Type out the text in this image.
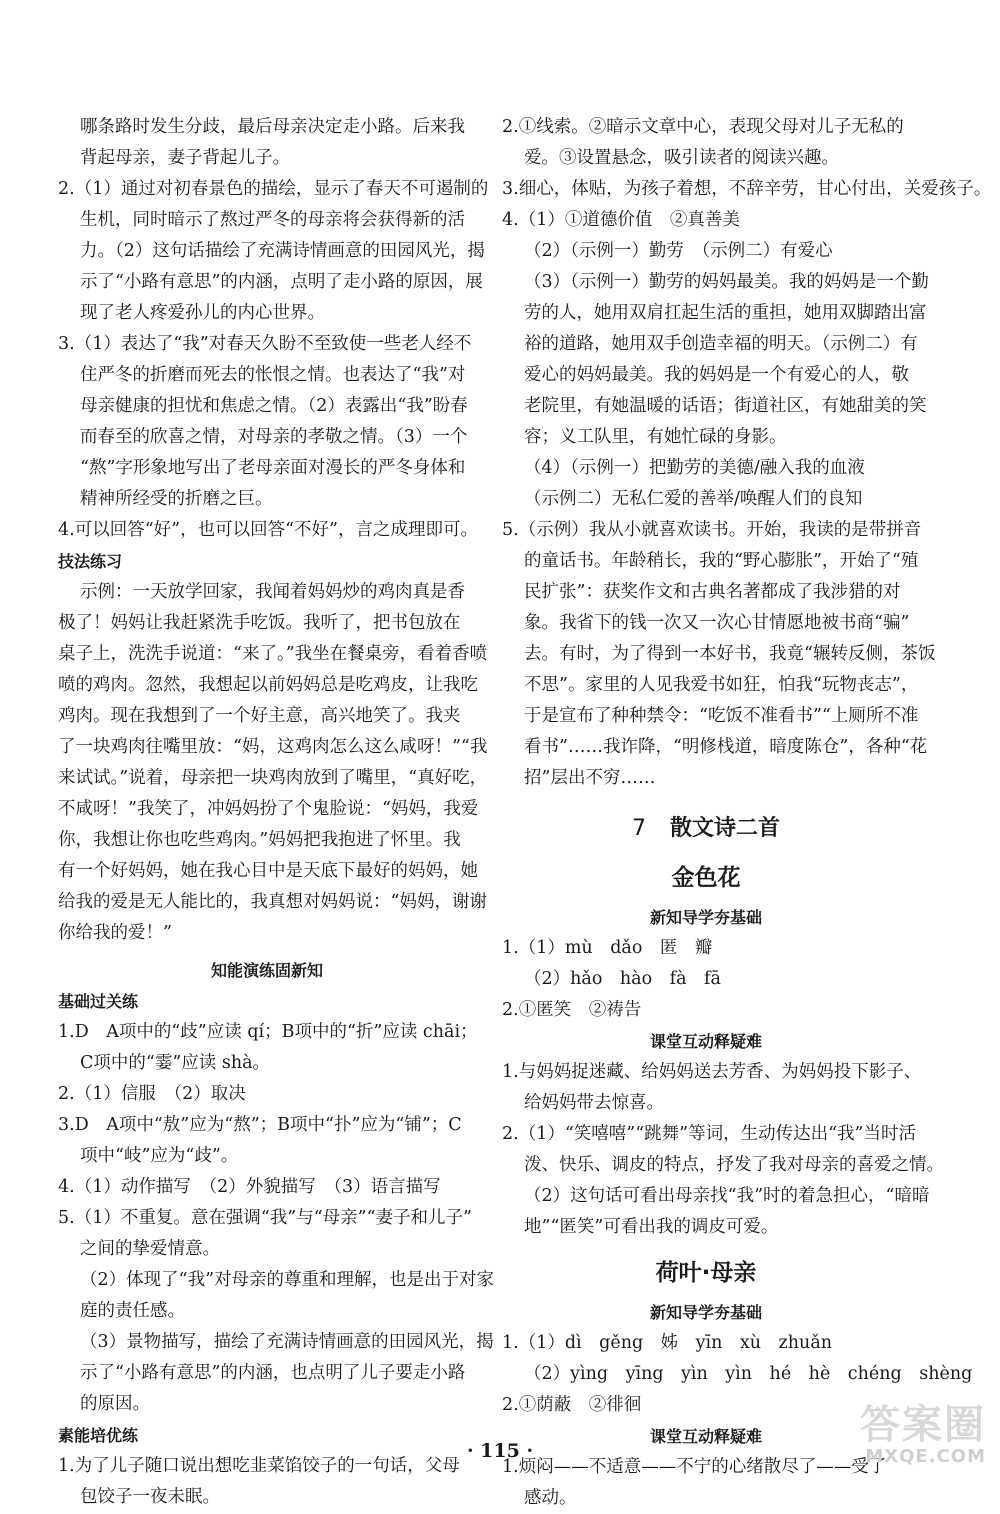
哪条路时发生分歧，最后母亲决定走小路。后来我
背起母亲，妻子背起儿子。
2.（1）通过对初春景色的描绘，显示了春天不可遏制的
生机，同时暗示了熬过严冬的母亲将会获得新的活
力。（2）这句话描绘了充满诗情画意的田园风光，揭
示了“小路有意思”的内涵，点明了走小路的原因，展
现了老人疼爱孙儿的内心世界。
3.（1）表达了“我”对春天久盼不至致使一些老人经不
住严冬的折磨而死去的怅恨之情。也表达了“我”对
母亲健康的担忧和焦虑之情。（2）表露出“我”盼春
而春至的欣喜之情，对母亲的孝敬之情。（3）一个
“熬”字形象地写出了老母亲面对漫长的严冬身体和
精神所经受的折磨之巨。
4.可以回答“好”，也可以回答“不好”，言之成理即可。
技法练习
示例：一天放学回家，我闻着妈妈炒的鸡肉真是香
极了！妈妈让我赶紧洗手吃饭。我听了，把书包放在
桌子上，洗洗手说道：“来了。”我坐在餐桌旁，看着香喷
喷的鸡肉。忽然，我想起以前妈妈总是吃鸡皮，让我吃
鸡肉。现在我想到了一个好主意，高兴地笑了。我夹
了一块鸡肉往嘴里放：“妈，这鸡肉怎么这么咸呀！”“我
来试试。”说着，母亲把一块鸡肉放到了嘴里，“真好吃，
不咸呀！”我笑了，冲妈妈扮了个鬼脸说：“妈妈，我爱
你，我想让你也吃些鸡肉。”妈妈把我抱进了怀里。我
有一个好妈妈，她在我心目中是天底下最好的妈妈，她
给我的爱是无人能比的，我真想对妈妈说：“妈妈，谢谢
你给我的爱！”
知能演练固新知
基础过关练
1.D　A项中的“歧”应读 qí；B项中的“折”应读 chāi；
C项中的“霎”应读 shà。
2.（1）信服　（2）取决
3.D　A项中“敖”应为“熬”；B项中“扑”应为“铺”；C
项中“岐”应为“歧”。
4.（1）动作描写　（2）外貌描写　（3）语言描写
5.（1）不重复。意在强调“我”与“母亲”“妻子和儿子”
之间的挚爱情意。
（2）体现了“我”对母亲的尊重和理解，也是出于对家
庭的责任感。
（3）景物描写，描绘了充满诗情画意的田园风光，揭
示了“小路有意思”的内涵，也点明了儿子要走小路
的原因。
素能培优练
1.为了儿子随口说出想吃韭菜馅饺子的一句话，父母
包饺子一夜未眠。
2.①线索。②暗示文章中心，表现父母对儿子无私的
爱。③设置悬念，吸引读者的阅读兴趣。
3.细心，体贴，为孩子着想，不辞辛劳，甘心付出，关爱孩子。
4.（1）①道德价值　②真善美
（2）（示例一）勤劳　（示例二）有爱心
（3）（示例一）勤劳的妈妈最美。我的妈妈是一个勤
劳的人，她用双肩扛起生活的重担，她用双脚踏出富
裕的道路，她用双手创造幸福的明天。（示例二）有
爱心的妈妈最美。我的妈妈是一个有爱心的人，敬
老院里，有她温暖的话语；街道社区，有她甜美的笑
容；义工队里，有她忙碌的身影。
（4）（示例一）把勤劳的美德/融入我的血液
（示例二）无私仁爱的善举/唤醒人们的良知
5.（示例）我从小就喜欢读书。开始，我读的是带拼音
的童话书。年龄稍长，我的“野心膨胀”，开始了“殖
民扩张”：获奖作文和古典名著都成了我涉猎的对
象。我省下的钱一次又一次心甘情愿地被书商“骗”
去。有时，为了得到一本好书，我竟“辗转反侧，茶饭
不思”。家里的人见我爱书如狂，怕我“玩物丧志”，
于是宣布了种种禁令：“吃饭不准看书”“上厕所不准
看书”……我诈降，“明修栈道，暗度陈仓”，各种“花
招”层出不穷……
7 散文诗二首
金色花
新知导学夯基础
1.（1）mù　dǎo　匿　瓣
（2）hǎo　hào　fà　fā
2.①匿笑　②祷告
课堂互动释疑难
1.与妈妈捉迷藏、给妈妈送去芳香、为妈妈投下影子、
给妈妈带去惊喜。
2.（1）“笑嘻嘻”“跳舞”等词，生动传达出“我”当时活
泼、快乐、调皮的特点，抒发了我对母亲的喜爱之情。
（2）这句话可看出母亲找“我”时的着急担心，“暗暗
地”“匿笑”可看出我的调皮可爱。
荷叶·母亲
新知导学夯基础
1.（1）dì　gěng　姊　yīn　xù　zhuǎn
（2）yìng　yīng　yìn　yìn　hé　hè　chéng　shèng
2.①荫蔽　②徘徊
课堂互动释疑难
1.烦闷——不适意——不宁的心绪散尽了——受了
感动。
· 115 ·
答案圈
MXQE.COM
